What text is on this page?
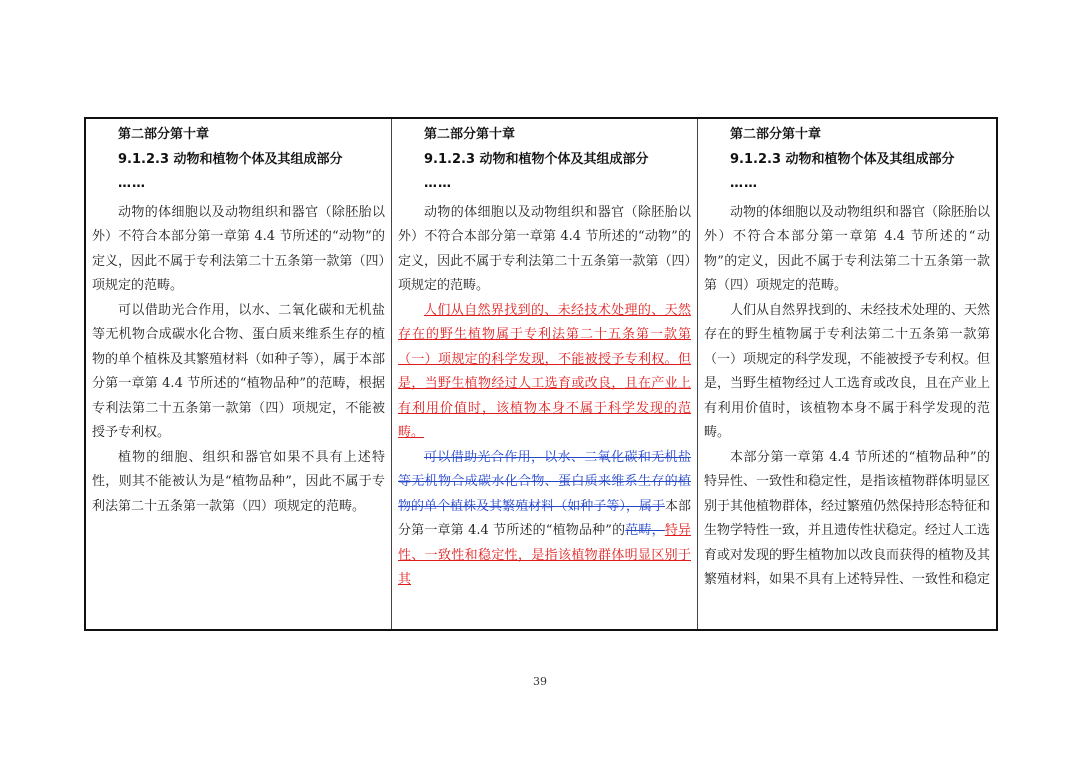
第二部分第十章
9.1.2.3 动物和植物个体及其组成部分
……

动物的体细胞以及动物组织和器官（除胚胎以外）不符合本部分第一章第 4.4 节所述的“动物”的定义，因此不属于专利法第二十五条第一款第（四）项规定的范畴。

可以借助光合作用，以水、二氧化碳和无机盐等无机物合成碳水化合物、蛋白质来维系生存的植物的单个植株及其繁殖材料（如种子等），属于本部分第一章第 4.4 节所述的“植物品种”的范畴，根据专利法第二十五条第一款第（四）项规定，不能被授予专利权。

植物的细胞、组织和器官如果不具有上述特性，则其不能被认为是“植物品种”，因此不属于专利法第二十五条第一款第（四）项规定的范畴。

第二部分第十章
9.1.2.3 动物和植物个体及其组成部分
……

动物的体细胞以及动物组织和器官（除胚胎以外）不符合本部分第一章第 4.4 节所述的“动物”的定义，因此不属于专利法第二十五条第一款第（四）项规定的范畴。

人们从自然界找到的、未经技术处理的、天然存在的野生植物属于专利法第二十五条第一款第（一）项规定的科学发现，不能被授予专利权。但是，当野生植物经过人工选育或改良，且在产业上有利用价值时，该植物本身不属于科学发现的范畴。

可以借助光合作用，以水、二氧化碳和无机盐等无机物合成碳水化合物、蛋白质来维系生存的植物的单个植株及其繁殖材料（如种子等），属于本部分第一章第 4.4 节所述的“植物品种”的范畴，特异性、一致性和稳定性，是指该植物群体明显区别于其

第二部分第十章
9.1.2.3 动物和植物个体及其组成部分
……

动物的体细胞以及动物组织和器官（除胚胎以外）不符合本部分第一章第 4.4 节所述的“动物”的定义，因此不属于专利法第二十五条第一款第（四）项规定的范畴。

人们从自然界找到的、未经技术处理的、天然存在的野生植物属于专利法第二十五条第一款第（一）项规定的科学发现，不能被授予专利权。但是，当野生植物经过人工选育或改良，且在产业上有利用价值时，该植物本身不属于科学发现的范畴。

本部分第一章第 4.4 节所述的“植物品种”的特异性、一致性和稳定性，是指该植物群体明显区别于其他植物群体，经过繁殖仍然保持形态特征和生物学特性一致，并且遗传性状稳定。经过人工选育或对发现的野生植物加以改良而获得的植物及其繁殖材料，如果不具有上述特异性、一致性和稳定

39
